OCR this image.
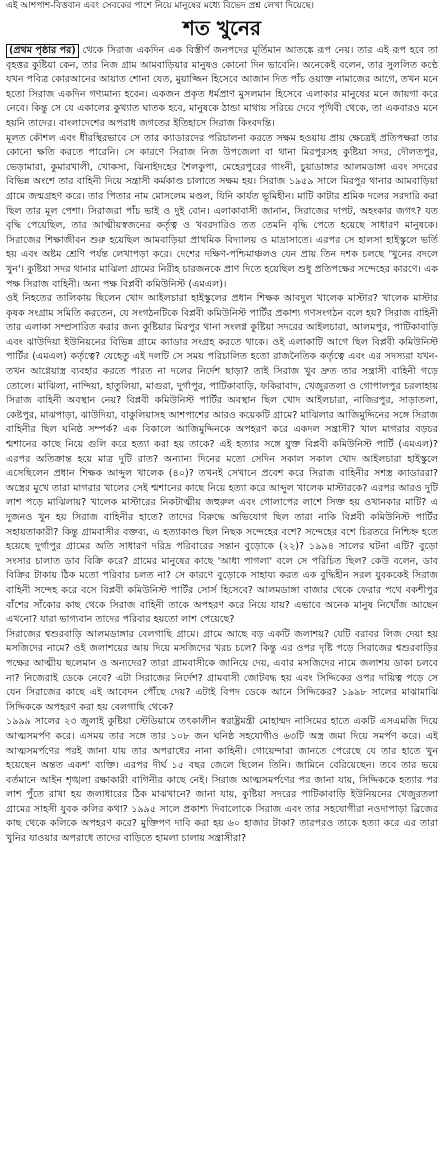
এই আশপাশ-বিত্তবান এবং সেবকের পাশে নিয়ে মানুষের মধ্যে বিভেদ প্রশ্ন লেখা দিয়েছে।
শত খুনের

(প্রথম পৃষ্ঠার পর) থেকে সিরাজ একদিন এক বিস্তীর্ণ জনপদের মূর্তিমান আতঙ্কে রূপ নেয়। তার এই রূপ হবে তা বৃহত্তর কুষ্টিয়া কেন, তার নিজ গ্রাম আমবাড়িয়ার মানুষও কোনো দিন ভাবেনি। অনেকেই বলেন, তার সুললিত কণ্ঠে যখন পবিত্র কোরআনের আয়াত শোনা যেত, মুয়াজ্জিন হিসেবে আজান দিত পাঁচ ওয়াক্ত নামাজের আগে, তখন মনে হতো সিরাজ একদিন গণ্যমান্য হবেন। একজন প্রকৃত ধর্মপ্রাণ মুসলমান হিসেবে এলাকার মানুষের মনে জায়গা করে নেবে। কিন্তু সে যে একালের কুখ্যাত ঘাতক হবে, মানুষকে ঠান্ডা মাথায় সরিয়ে দেবে পৃথিবী থেকে, তা একবারও মনে হয়নি তাদের। বাংলাদেশের অপরাধ জগতের ইতিহাসে সিরাজ কিংবদন্তি।

মূলত কৌশল এবং ধীরস্থিরভাবে সে তার ক্যাডারদের পরিচালনা করতে সক্ষম হওয়ায় প্রায় ক্ষেত্রেই প্রতিপক্ষরা তার কোনো ক্ষতি করতে পারেনি। সে কারণে সিরাজ নিজ উপজেলা বা থানা মিরপুরসহ কুষ্টিয়া সদর, দৌলতপুর, ভেড়ামারা, কুমারখালী, খোকসা, ঝিনাইদহের শৈলকুপা, মেহেরপুরের গাংনী, চুয়াডাঙ্গার আলমডাঙ্গা এবং সদরের বিভিন্ন অংশে তার বাহিনী দিয়ে সন্ত্রাসী কর্মকাণ্ড চালাতে সক্ষম হয়। সিরাজ ১৯৫৯ সালে মিরপুর থানার আমবাড়িয়া গ্রামে জন্মগ্রহণ করে। তার পিতার নাম মোসলেম মণ্ডল, যিনি কার্যত ভূমিহীন। মাটি কাটার শ্রমিক দলের সরদারি করা ছিল তার মূল পেশা। সিরাজরা পাঁচ ভাই ও দুই বোন। এলাকাবাসী জানান, সিরাজের দাপট, অহংকার জগৎ? যত বৃদ্ধি পেয়েছিল, তার আত্মীয়স্বজনের কর্তৃত্ব ও খবরদারিও তত তেমনি বৃদ্ধি পেতে হয়েছে সাধারণ মানুষকে। সিরাজের শিক্ষাজীবন শুরু হয়েছিল আমবাড়িয়া প্রাথমিক বিদ্যালয় ও মাদ্রাসাতে। এরপর সে হালসা হাইস্কুলে ভর্তি হয় এবং অষ্টম শ্রেণি পর্যন্ত লেখাপড়া করে। দেশের দক্ষিণ-পশ্চিমাঞ্চলও যেন প্রায় তিন দশক চলছে 'খুনের বদলে খুন'। কুষ্টিয়া সদর থানার মাঝিলা গ্রামের নিরীহ চারজনকে প্রাণ দিতে হয়েছিল শুধু প্রতিপক্ষের সন্দেহের কারণে। এক পক্ষ সিরাজ বাহিনী। অন্য পক্ষ বিপ্লবী কমিউনিস্ট (এমএল)।

ওই নিহতের তালিকায় ছিলেন খোদ আইলচারা হাইস্কুলের প্রধান শিক্ষক আবদুল খালেক মাস্টার? খালেক মাস্টার কৃষক সংগ্রাম সমিতি করতেন, যে সংগঠনটিকে বিপ্লবী কমিউনিস্ট পার্টির প্রকাশ্য গণসংগঠন বলে হয়? সিরাজ বাহিনী তার এলাকা সম্প্রসারিত করার জন্য কুষ্টিয়ার মিরপুর থানা সংলগ্ন কুষ্টিয়া সদরের আইলচারা, আলমপুর, পাটিকাবাড়ি এবং ঝাউদিয়া ইউনিয়নের বিভিন্ন গ্রামে ক্যাডার সংগ্রহ করতে থাকে। ওই এলাকাটি আগে ছিল বিপ্লবী কমিউনিস্ট পার্টির (এমএল) কর্তৃত্বে? যেহেতু এই দলটি সে সময় পরিচালিত হতো রাজনৈতিক কর্তৃত্বে এবং এর সদস্যরা যখন-তখন আগ্নেয়াস্ত্র ব্যবহার করতে পারত না দলের নির্দেশ ছাড়া? তাই সিরাজ খুব দ্রুত তার সন্ত্রাসী বাহিনী গড়ে তোলে। মাঝিলা, নান্দিয়া, হাতুলিয়া, মাগুরা, দুর্গাপুর, পাটিকাবাড়ি, ফকিরাবাদ, খেজুরতলা ও গোপালপুর চরলাহায় সিরাজ বাহিনী অবস্থান নেয়? বিপ্লবী কমিউনিস্ট পার্টির অবস্থান ছিল খোদ আইলচারা, নাজিরপুর, সাড়াতলা, কেষ্টপুর, মাঝপাড়া, ঝাউদিয়া, বাকুলিয়াসহ আশপাশের আরও কয়েকটি গ্রামে? মাঝিলার আজিমুদ্দিনের সঙ্গে সিরাজ বাহিনীর ছিল ঘনিষ্ঠ সম্পর্ক? এক বিকালে আজিমুদ্দিনকে অপহরণ করে একদল সন্ত্রাসী? খাল মাগরার বড়চর শ্মশানের কাছে নিয়ে গুলি করে হত্যা করা হয় তাকে? এই হত্যার সঙ্গে যুক্ত বিপ্লবী কমিউনিস্ট পার্টি (এমএল)? এরপর অতিক্রান্ত হয়ে মাত্র দুটি রাত? অন্যান্য দিনের মতো সেদিন সকাল সকাল খোদ আইলচারা হাইস্কুলে এসেছিলেন প্রধান শিক্ষক আব্দুল খালেক (৪০)? তখনই সেখানে প্রবেশ করে সিরাজ বাহিনীর সশস্ত্র ক্যাডাররা? অস্ত্রের মুখে তারা মাগরার খালের সেই শ্মশানের কাছে নিয়ে হত্যা করে আব্দুল খালেক মাস্টারকে? এরপর আরও দুটি লাশ পড়ে মাঝিলায়? খালেক মাস্টারের নিকটাত্মীয় জহুরুল এবং গোলাপের লাশে সিক্ত হয় ওখানকার মাটি? এ দুজনও খুন হয় সিরাজ বাহিনীর হাতে? তাদের বিরুদ্ধে অভিযোগ ছিল তারা নাকি বিপ্লবী কমিউনিস্ট পার্টির সহায়তাকারী? কিন্তু গ্রামবাসীর বক্তব্য, এ হত্যাকাণ্ড ছিল নিছক সন্দেহের বশে? সন্দেহের বশে চিরতরে নিশ্চিহ্ন হতে হয়েছে দুর্গাপুর গ্রামের অতি সাধারণ দরিদ্র পরিবারের সন্তান বুড়োকে (২২)? ১৯৯৪ সালের ঘটনা এটি? বুড়ো সংসার চালাত ডাব বিক্রি করে? গ্রামের মানুষের কাছে 'আধা পাগলা' বলে সে পরিচিত ছিল? কেউ বলেন, ডাব বিক্রির টাকায় ঠিক মতো পরিবার চলত না? সে কারণে বুড়োকে সাহায্য করত এক বুদ্ধিহীন সরল যুবককেই সিরাজ বাহিনী সন্দেহ করে বসে বিপ্লবী কমিউনিস্ট পার্টির সোর্স হিসেবে? আলমডাঙ্গা বাজার থেকে ফেরার পথে বকশীপুর বাঁশের সাঁকোর কাছ থেকে সিরাজ বাহিনী তাকে অপহরণ করে নিয়ে যায়? এভাবে অনেক মানুষ নিখোঁজ আছেন এখনো? যারা ভাগ্যবান তাদের পরিবার হয়তো লাশ পেয়েছে?

সিরাজের শ্বশুরবাড়ি আলমডাঙ্গার বেলগাছি গ্রামে। গ্রামে আছে বড় একটি জলাশয়? যেটি বরাবর লিজ দেয়া হয় মসজিদের নামে? ওই জলাশয়ের আয় দিয়ে মসজিদের খরচ চলে? কিন্তু এর ওপর দৃষ্টি পড়ে সিরাজের শ্বশুরবাড়ির পক্ষের আত্মীয় ছলেমান ও অন্যদের? তারা গ্রামবাসীকে জানিয়ে দেয়, এবার মসজিদের নামে জলাশয় ডাকা চলবে না? নিজেরাই ডেকে নেবে? এটা সিরাজের নির্দেশ? গ্রামবাসী জোটবদ্ধ হয় এবং সিদ্দিকের ওপর দায়িত্ব পড়ে সে যেন সিরাজের কাছে এই আবেদন পৌঁছে দেয়? এটাই বিপদ ডেকে আনে সিদ্দিকের? ১৯৯৮ সালের মাঝামাঝি সিদ্দিককে অপহরণ করা হয় বেলগাছি থেকে?

১৯৯৯ সালের ২৩ জুলাই কুষ্টিয়া স্টেডিয়ামে তৎকালীন স্বরাষ্ট্রমন্ত্রী মোহাম্মদ নাসিমের হাতে একটি এসএমজি দিয়ে আত্মসমর্পণ করে। এসময় তার সঙ্গে তার ১০৮ জন ঘনিষ্ঠ সহযোগীও ৬৩টি অস্ত্র জমা দিয়ে সমর্পণ করে। এই আত্মসমর্পণের পরই জানা যায় তার অপরাধের নানা কাহিনী। গোয়েন্দারা জানতে পেরেছে যে তার হাতে খুন হয়েছেন অন্তত একশ' ব্যক্তি। এরপর দীর্ঘ ১৫ বছর জেলে ছিলেন তিনি। জামিনে বেরিয়েছেন। তবে তার ভয়ে বর্তমানে আইন শৃঙ্খলা রক্ষাকারী বাগিনীর কাছে নেই। সিরাজ আত্মসমর্পণের পর জানা যায়, সিদ্দিককে হত্যার পর লাশ পুঁতে রাখা হয় জলাধারের ঠিক মাঝখানে? জানা যায়, কুষ্টিয়া সদরের পাটিকাবাড়ি ইউনিয়নের খেজুরতলা গ্রামের সাহসী যুবক কলির কথা? ১৯৯৫ সালে প্রকাশ্য দিবালোকে সিরাজ এবং তার সহযোগীরা নওদাপাড়া ব্রিজের কাছ থেকে কলিকে অপহরণ করে? মুক্তিপণ দাবি করা হয় ৬০ হাজার টাকা? তারপরও তাকে হত্যা করে এর তারা খুনির যাওয়ার অপরাধে তাদের বাড়িতে হামলা চালায় সন্ত্রাসীরা?
